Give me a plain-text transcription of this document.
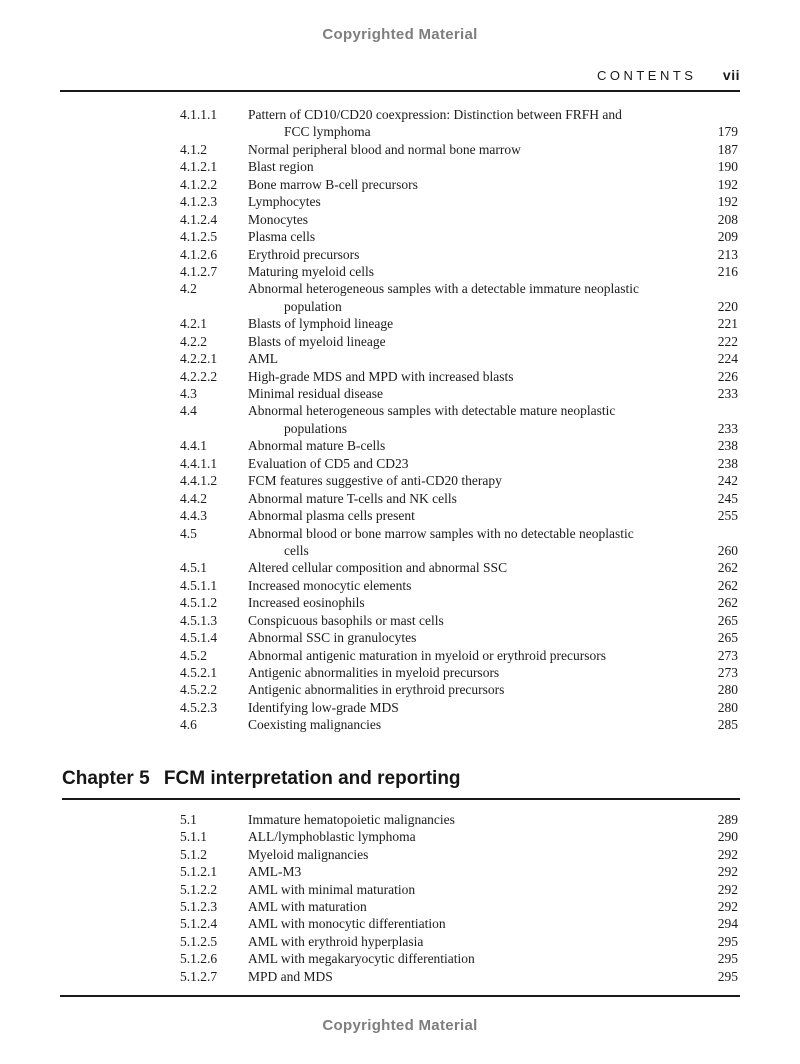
Copyrighted Material
CONTENTS vii
4.1.1.1	Pattern of CD10/CD20 coexpression: Distinction between FRFH and
FCC lymphoma	179
4.1.2	Normal peripheral blood and normal bone marrow	187
4.1.2.1	Blast region	190
4.1.2.2	Bone marrow B-cell precursors	192
4.1.2.3	Lymphocytes	192
4.1.2.4	Monocytes	208
4.1.2.5	Plasma cells	209
4.1.2.6	Erythroid precursors	213
4.1.2.7	Maturing myeloid cells	216
4.2	Abnormal heterogeneous samples with a detectable immature neoplastic
population	220
4.2.1	Blasts of lymphoid lineage	221
4.2.2	Blasts of myeloid lineage	222
4.2.2.1	AML	224
4.2.2.2	High-grade MDS and MPD with increased blasts	226
4.3	Minimal residual disease	233
4.4	Abnormal heterogeneous samples with detectable mature neoplastic
populations	233
4.4.1	Abnormal mature B-cells	238
4.4.1.1	Evaluation of CD5 and CD23	238
4.4.1.2	FCM features suggestive of anti-CD20 therapy	242
4.4.2	Abnormal mature T-cells and NK cells	245
4.4.3	Abnormal plasma cells present	255
4.5	Abnormal blood or bone marrow samples with no detectable neoplastic
cells	260
4.5.1	Altered cellular composition and abnormal SSC	262
4.5.1.1	Increased monocytic elements	262
4.5.1.2	Increased eosinophils	262
4.5.1.3	Conspicuous basophils or mast cells	265
4.5.1.4	Abnormal SSC in granulocytes	265
4.5.2	Abnormal antigenic maturation in myeloid or erythroid precursors	273
4.5.2.1	Antigenic abnormalities in myeloid precursors	273
4.5.2.2	Antigenic abnormalities in erythroid precursors	280
4.5.2.3	Identifying low-grade MDS	280
4.6	Coexisting malignancies	285
Chapter 5 FCM interpretation and reporting
5.1	Immature hematopoietic malignancies	289
5.1.1	ALL/lymphoblastic lymphoma	290
5.1.2	Myeloid malignancies	292
5.1.2.1	AML-M3	292
5.1.2.2	AML with minimal maturation	292
5.1.2.3	AML with maturation	292
5.1.2.4	AML with monocytic differentiation	294
5.1.2.5	AML with erythroid hyperplasia	295
5.1.2.6	AML with megakaryocytic differentiation	295
5.1.2.7	MPD and MDS	295
Copyrighted Material
